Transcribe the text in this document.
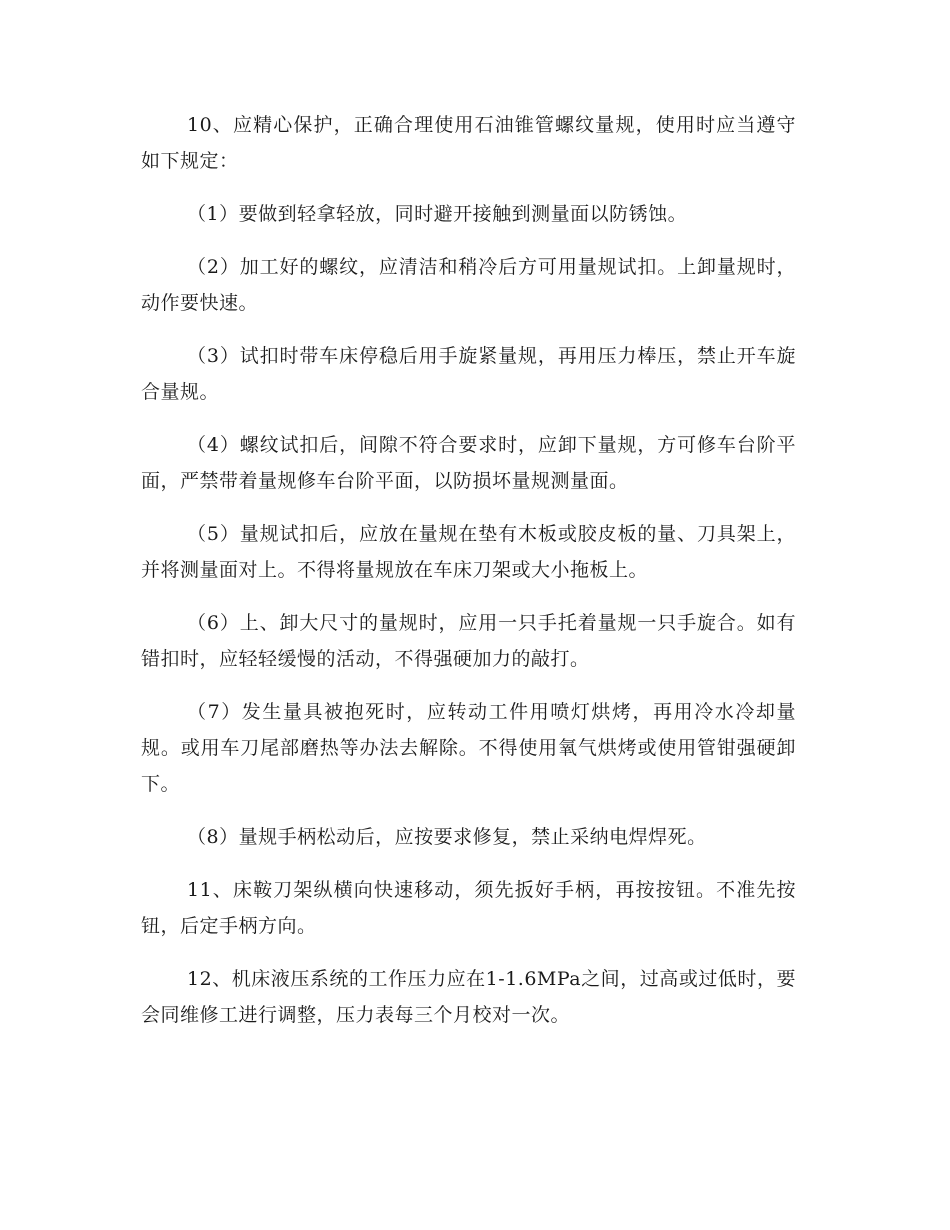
10、应精心保护，正确合理使用石油锥管螺纹量规，使用时应当遵守如下规定：

（1）要做到轻拿轻放，同时避开接触到测量面以防锈蚀。

（2）加工好的螺纹，应清洁和稍冷后方可用量规试扣。上卸量规时，动作要快速。

（3）试扣时带车床停稳后用手旋紧量规，再用压力棒压，禁止开车旋合量规。

（4）螺纹试扣后，间隙不符合要求时，应卸下量规，方可修车台阶平面，严禁带着量规修车台阶平面，以防损坏量规测量面。

（5）量规试扣后，应放在量规在垫有木板或胶皮板的量、刀具架上，并将测量面对上。不得将量规放在车床刀架或大小拖板上。

（6）上、卸大尺寸的量规时，应用一只手托着量规一只手旋合。如有错扣时，应轻轻缓慢的活动，不得强硬加力的敲打。

（7）发生量具被抱死时，应转动工件用喷灯烘烤，再用冷水冷却量规。或用车刀尾部磨热等办法去解除。不得使用氧气烘烤或使用管钳强硬卸下。

（8）量规手柄松动后，应按要求修复，禁止采纳电焊焊死。

11、床鞍刀架纵横向快速移动，须先扳好手柄，再按按钮。不准先按钮，后定手柄方向。

12、机床液压系统的工作压力应在1-1.6MPa之间，过高或过低时，要会同维修工进行调整，压力表每三个月校对一次。
